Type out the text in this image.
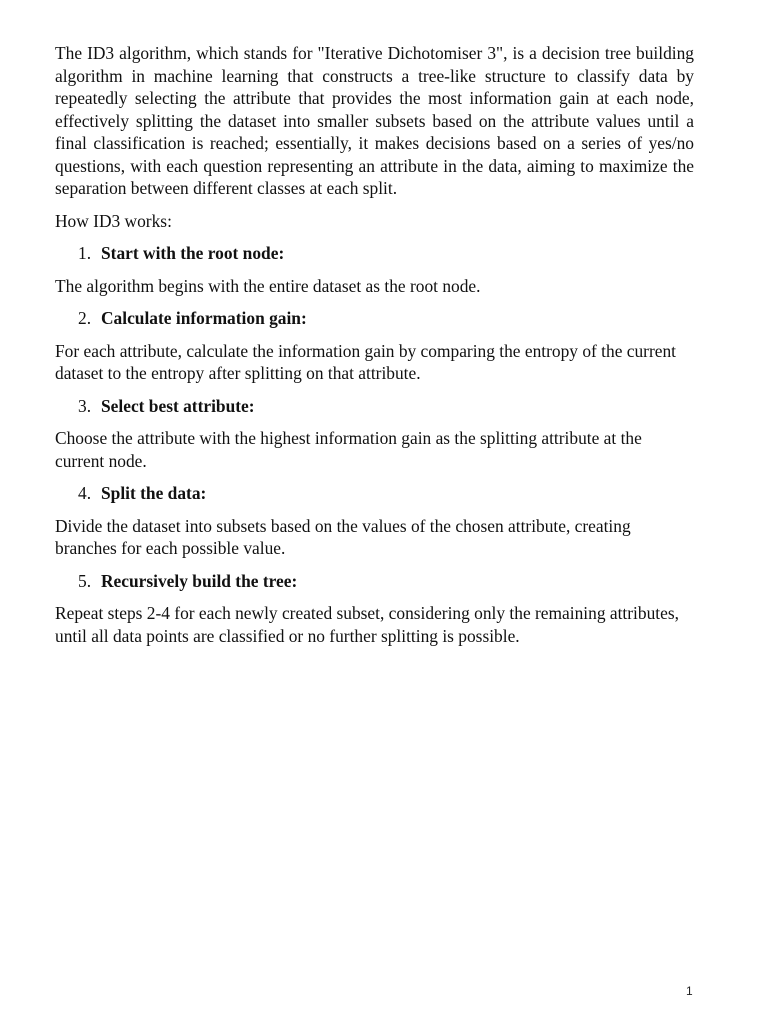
The ID3 algorithm, which stands for "Iterative Dichotomiser 3", is a decision tree building algorithm in machine learning that constructs a tree-like structure to classify data by repeatedly selecting the attribute that provides the most information gain at each node, effectively splitting the dataset into smaller subsets based on the attribute values until a final classification is reached; essentially, it makes decisions based on a series of yes/no questions, with each question representing an attribute in the data, aiming to maximize the separation between different classes at each split.

How ID3 works:

1. Start with the root node:

The algorithm begins with the entire dataset as the root node.

2. Calculate information gain:

For each attribute, calculate the information gain by comparing the entropy of the current dataset to the entropy after splitting on that attribute.

3. Select best attribute:

Choose the attribute with the highest information gain as the splitting attribute at the current node.

4. Split the data:

Divide the dataset into subsets based on the values of the chosen attribute, creating branches for each possible value.

5. Recursively build the tree:

Repeat steps 2-4 for each newly created subset, considering only the remaining attributes, until all data points are classified or no further splitting is possible.

1
